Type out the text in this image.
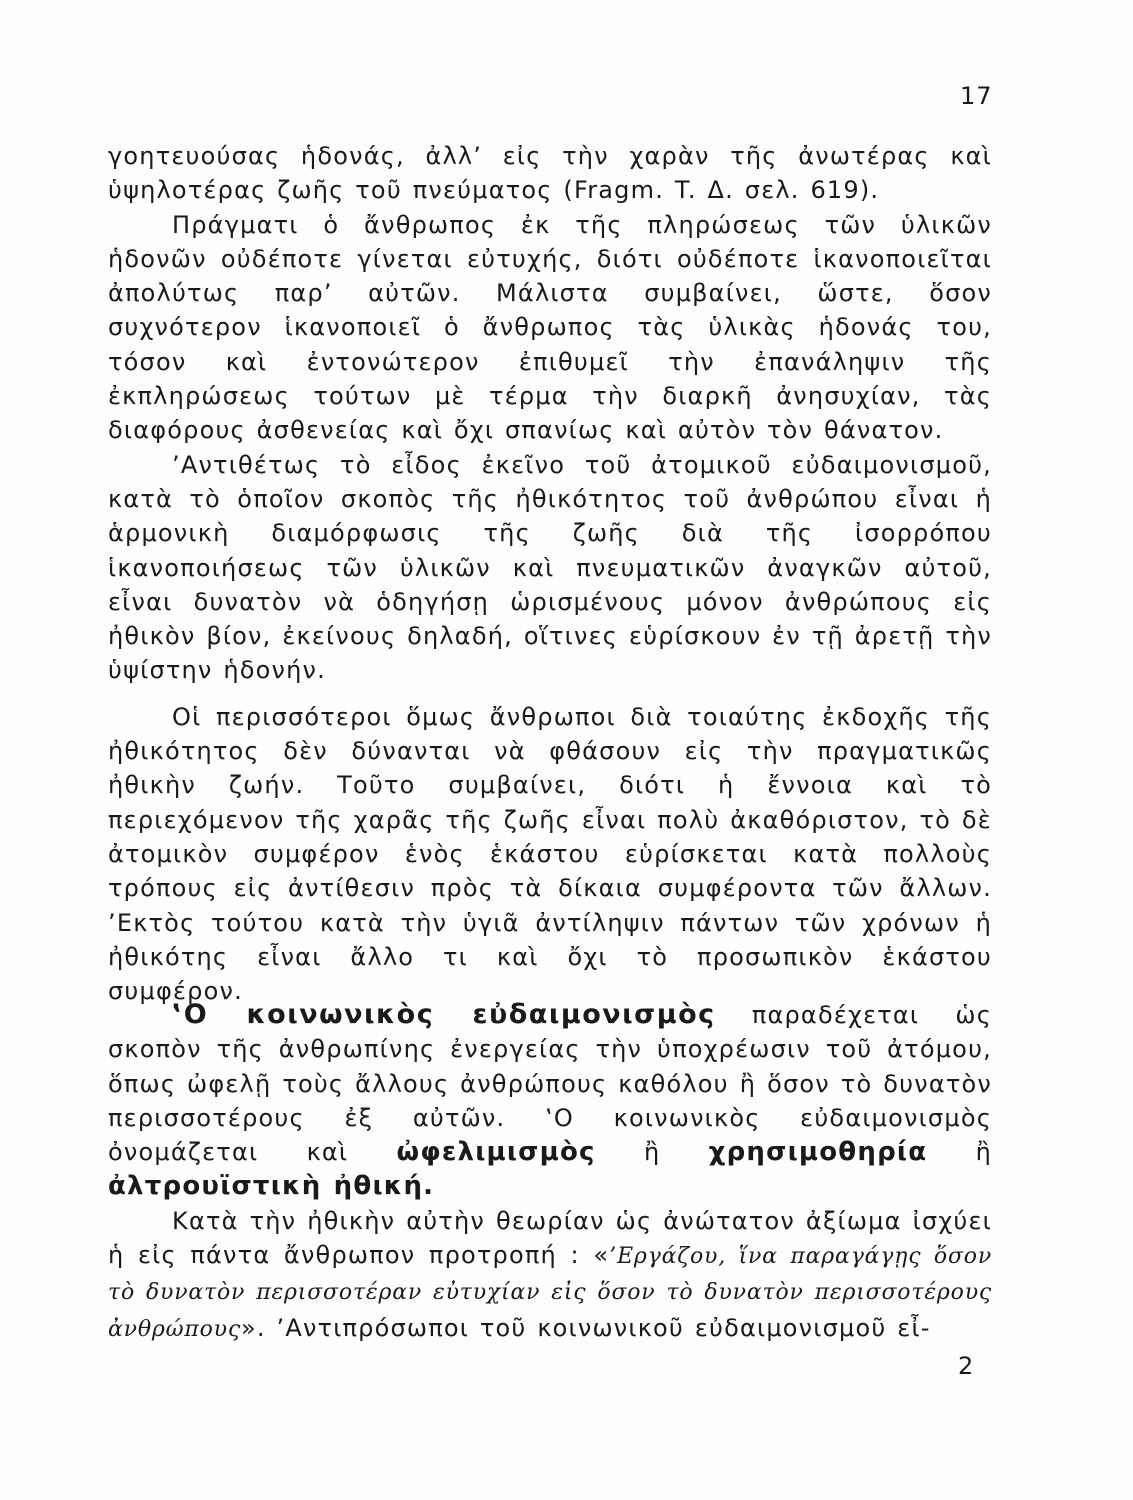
17

γοητευούσας ἡδονάς, ἀλλ’ εἰς τὴν χαρὰν τῆς ἀνωτέρας καὶ ὑψηλοτέρας ζωῆς τοῦ πνεύματος (Fragm. T. Δ. σελ. 619).

Πράγματι ὁ ἄνθρωπος ἐκ τῆς πληρώσεως τῶν ὑλικῶν ἡδονῶν οὐδέποτε γίνεται εὐτυχής, διότι οὐδέποτε ἱκανοποιεῖται ἀπολύτως παρ’ αὐτῶν. Μάλιστα συμβαίνει, ὥστε, ὅσον συχνότερον ἱκανοποιεῖ ὁ ἄνθρωπος τὰς ὑλικὰς ἡδονάς του, τόσον καὶ ἐντονώτερον ἐπιθυμεῖ τὴν ἐπανάληψιν τῆς ἐκπληρώσεως τούτων μὲ τέρμα τὴν διαρκῆ ἀνησυχίαν, τὰς διαφόρους ἀσθενείας καὶ ὄχι σπανίως καὶ αὐτὸν τὸν θάνατον.

’Αντιθέτως τὸ εἶδος ἐκεῖνο τοῦ ἀτομικοῦ εὐδαιμονισμοῦ, κατὰ τὸ ὁποῖον σκοπὸς τῆς ἠθικότητος τοῦ ἀνθρώπου εἶναι ἡ ἁρμονικὴ διαμόρφωσις τῆς ζωῆς διὰ τῆς ἰσορρόπου ἱκανοποιήσεως τῶν ὑλικῶν καὶ πνευματικῶν ἀναγκῶν αὐτοῦ, εἶναι δυνατὸν νὰ ὁδηγήσῃ ὡρισμένους μόνον ἀνθρώπους εἰς ἠθικὸν βίον, ἐκείνους δηλαδή, οἵτινες εὑρίσκουν ἐν τῇ ἀρετῇ τὴν ὑψίστην ἡδονήν.

Οἱ περισσότεροι ὅμως ἄνθρωποι διὰ τοιαύτης ἐκδοχῆς τῆς ἠθικότητος δὲν δύνανται νὰ φθάσουν εἰς τὴν πραγματικῶς ἠθικὴν ζωήν. Τοῦτο συμβαίνει, διότι ἡ ἔννοια καὶ τὸ περιεχόμενον τῆς χαρᾶς τῆς ζωῆς εἶναι πολὺ ἀκαθόριστον, τὸ δὲ ἀτομικὸν συμφέρον ἑνὸς ἑκάστου εὑρίσκεται κατὰ πολλοὺς τρόπους εἰς ἀντίθεσιν πρὸς τὰ δίκαια συμφέροντα τῶν ἄλλων. ’Εκτὸς τούτου κατὰ τὴν ὑγιᾶ ἀντίληψιν πάντων τῶν χρόνων ἡ ἠθικότης εἶναι ἄλλο τι καὶ ὄχι τὸ προσωπικὸν ἑκάστου συμφέρον.

‛Ο κοινωνικὸς εὐδαιμονισμὸς παραδέχεται ὡς σκοπὸν τῆς ἀνθρωπίνης ἐνεργείας τὴν ὑποχρέωσιν τοῦ ἀτόμου, ὅπως ὠφελῇ τοὺς ἄλλους ἀνθρώπους καθόλου ἢ ὅσον τὸ δυνατὸν περισσοτέρους ἐξ αὐτῶν. ‛Ο κοινωνικὸς εὐδαιμονισμὸς ὀνομάζεται καὶ ὠφελιμισμὸς ἢ χρησιμοθηρία ἢ ἀλτρουϊστικὴ ἠθική.

Κατὰ τὴν ἠθικὴν αὐτὴν θεωρίαν ὡς ἀνώτατον ἀξίωμα ἰσχύει ἡ εἰς πάντα ἄνθρωπον προτροπή : «’Εργάζου, ἵνα παραγάγῃς ὅσον τὸ δυνατὸν περισσοτέραν εὐτυχίαν εἰς ὅσον τὸ δυνατὸν περισσοτέρους ἀνθρώπους». ’Αντιπρόσωποι τοῦ κοινωνικοῦ εὐδαιμονισμοῦ εἶ-

2
